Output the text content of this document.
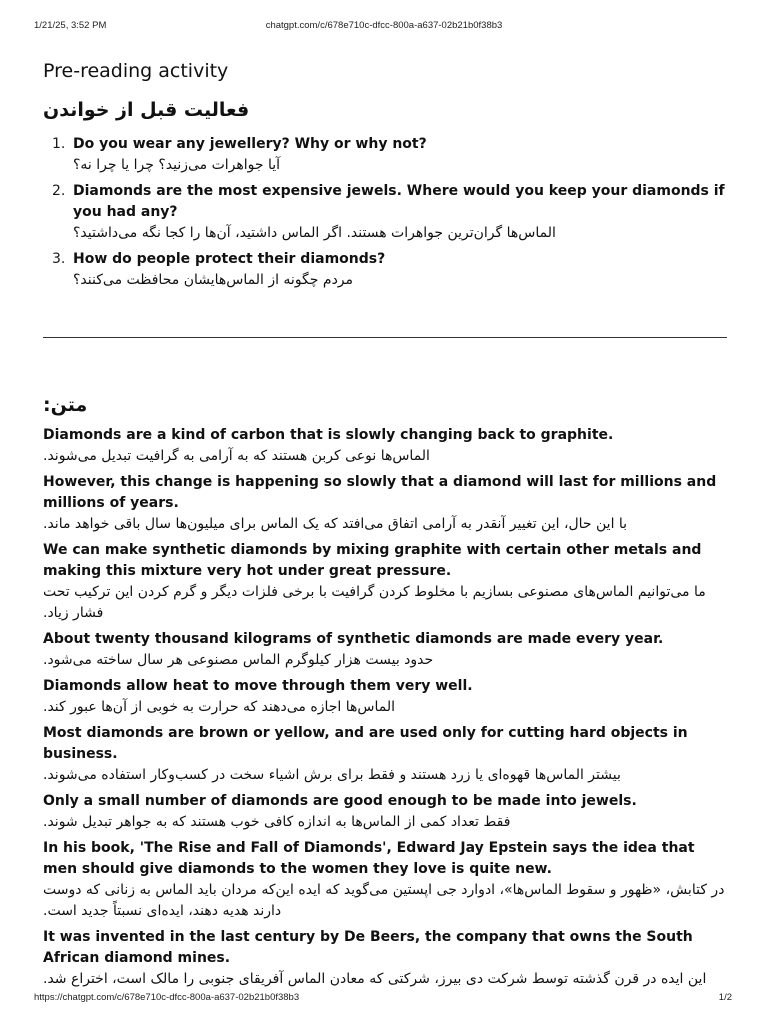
1/21/25, 3:52 PM	chatgpt.com/c/678e710c-dfcc-800a-a637-02b21b0f38b3
Pre-reading activity
فعالیت قبل از خواندن
1. Do you wear any jewellery? Why or why not?
آیا جواهرات می‌زنید؟ چرا یا چرا نه؟
2. Diamonds are the most expensive jewels. Where would you keep your diamonds if you had any?
الماس‌ها گران‌ترین جواهرات هستند. اگر الماس داشتید، آن‌ها را کجا نگه می‌داشتید؟
3. How do people protect their diamonds?
مردم چگونه از الماس‌هایشان محافظت می‌کنند؟
متن:
Diamonds are a kind of carbon that is slowly changing back to graphite.
الماس‌ها نوعی کربن هستند که به آرامی به گرافیت تبدیل می‌شوند.
However, this change is happening so slowly that a diamond will last for millions and millions of years.
با این حال، این تغییر آنقدر به آرامی اتفاق می‌افتد که یک الماس برای میلیون‌ها سال باقی خواهد ماند.
We can make synthetic diamonds by mixing graphite with certain other metals and making this mixture very hot under great pressure.
ما می‌توانیم الماس‌های مصنوعی بسازیم با مخلوط کردن گرافیت با برخی فلزات دیگر و گرم کردن این ترکیب تحت فشار زیاد.
About twenty thousand kilograms of synthetic diamonds are made every year.
حدود بیست هزار کیلوگرم الماس مصنوعی هر سال ساخته می‌شود.
Diamonds allow heat to move through them very well.
الماس‌ها اجازه می‌دهند که حرارت به خوبی از آن‌ها عبور کند.
Most diamonds are brown or yellow, and are used only for cutting hard objects in business.
بیشتر الماس‌ها قهوه‌ای یا زرد هستند و فقط برای برش اشیاء سخت در کسب‌وکار استفاده می‌شوند.
Only a small number of diamonds are good enough to be made into jewels.
فقط تعداد کمی از الماس‌ها به اندازه کافی خوب هستند که به جواهر تبدیل شوند.
In his book, 'The Rise and Fall of Diamonds', Edward Jay Epstein says the idea that men should give diamonds to the women they love is quite new.
در کتابش، «ظهور و سقوط الماس‌ها»، ادوارد جی اپستین می‌گوید که ایده این‌که مردان باید الماس به زنانی که دوست دارند هدیه دهند، ایده‌ای نسبتاً جدید است.
It was invented in the last century by De Beers, the company that owns the South African diamond mines.
این ایده در قرن گذشته توسط شرکت دی بیرز، شرکتی که معادن الماس آفریقای جنوبی را مالک است، اختراع شد.
https://chatgpt.com/c/678e710c-dfcc-800a-a637-02b21b0f38b3	1/2
